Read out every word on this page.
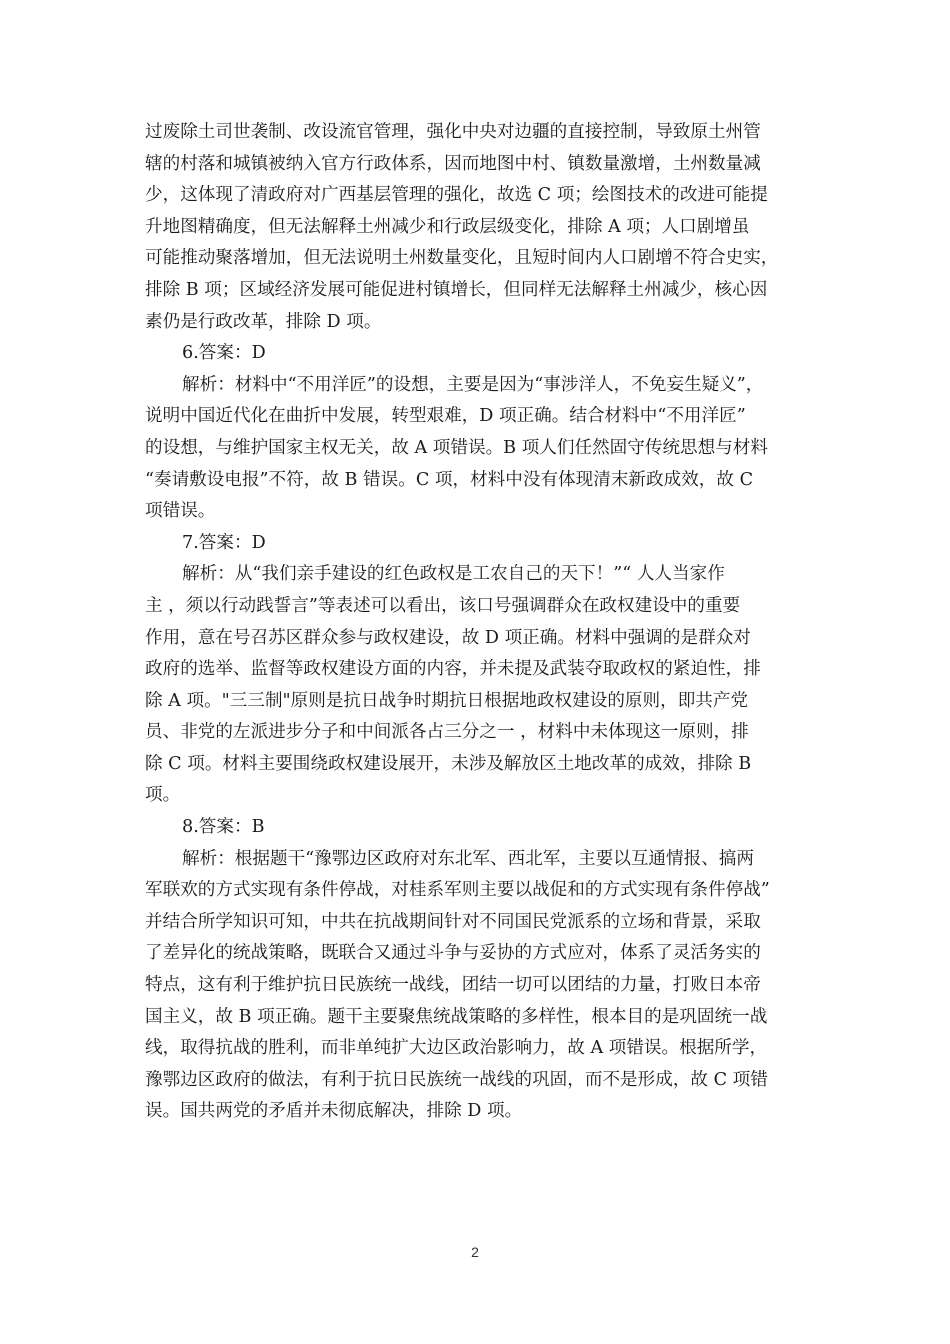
过废除土司世袭制、改设流官管理，强化中央对边疆的直接控制，导致原土州管
辖的村落和城镇被纳入官方行政体系，因而地图中村、镇数量激增，土州数量减
少，这体现了清政府对广西基层管理的强化，故选 C 项；绘图技术的改进可能提
升地图精确度，但无法解释土州减少和行政层级变化，排除 A 项；人口剧增虽
可能推动聚落增加，但无法说明土州数量变化，且短时间内人口剧增不符合史实，
排除 B 项；区域经济发展可能促进村镇增长，但同样无法解释土州减少，核心因
素仍是行政改革，排除 D 项。
6.答案：D
解析：材料中“不用洋匠”的设想，主要是因为“事涉洋人，不免妄生疑义”，
说明中国近代化在曲折中发展，转型艰难，D 项正确。结合材料中“不用洋匠”
的设想，与维护国家主权无关，故 A 项错误。B 项人们任然固守传统思想与材料
“奏请敷设电报”不符，故 B 错误。C 项，材料中没有体现清末新政成效，故 C
项错误。
7.答案：D
解析：从“我们亲手建设的红色政权是工农自己的天下！”“ 人人当家作
主 ，须以行动践誓言”等表述可以看出，该口号强调群众在政权建设中的重要
作用，意在号召苏区群众参与政权建设，故 D 项正确。材料中强调的是群众对
政府的选举、监督等政权建设方面的内容，并未提及武装夺取政权的紧迫性，排
除 A 项。"三三制"原则是抗日战争时期抗日根据地政权建设的原则，即共产党
员、非党的左派进步分子和中间派各占三分之一 ，材料中未体现这一原则，排
除 C 项。材料主要围绕政权建设展开，未涉及解放区土地改革的成效，排除 B
项。
8.答案：B
解析：根据题干“豫鄂边区政府对东北军、西北军，主要以互通情报、搞两
军联欢的方式实现有条件停战，对桂系军则主要以战促和的方式实现有条件停战”
并结合所学知识可知，中共在抗战期间针对不同国民党派系的立场和背景，采取
了差异化的统战策略，既联合又通过斗争与妥协的方式应对，体系了灵活务实的
特点，这有利于维护抗日民族统一战线，团结一切可以团结的力量，打败日本帝
国主义，故 B 项正确。题干主要聚焦统战策略的多样性，根本目的是巩固统一战
线，取得抗战的胜利，而非单纯扩大边区政治影响力，故 A 项错误。根据所学，
豫鄂边区政府的做法，有利于抗日民族统一战线的巩固，而不是形成，故 C 项错
误。国共两党的矛盾并未彻底解决，排除 D 项。
2
